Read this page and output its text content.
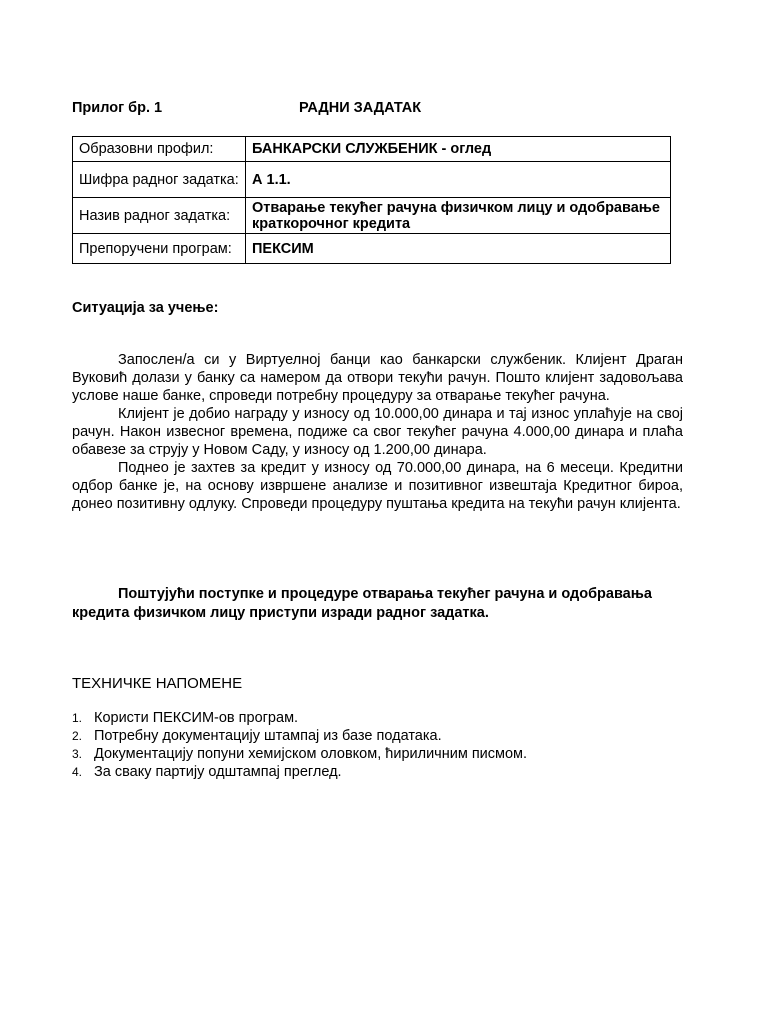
Прилог бр. 1	РАДНИ ЗАДАТАК
Образовни профил:	БАНКАРСКИ СЛУЖБЕНИК - оглед
Шифра радног задатка:	А 1.1.
Назив радног задатка:	Отварање текућег рачуна физичком лицу и одобравање краткорочног кредита
Препоручени програм:	ПЕКСИМ
Ситуација за учење:

Запослен/а си у Виртуелној банци као банкарски службеник. Клијент Драган Вуковић долази у банку са намером да отвори текући рачун. Пошто клијент задовољава услове наше банке, спроведи потребну процедуру за отварање текућег рачуна.

Клијент је добио награду у износу од 10.000,00 динара и тај износ уплаћује на свој рачун. Након извесног времена, подиже са свог текућег рачуна 4.000,00 динара и плаћа обавезе за струју у Новом Саду, у износу од 1.200,00 динара.

Поднео је захтев за кредит у износу од 70.000,00 динара, на 6 месеци. Кредитни одбор банке је, на основу извршене анализе и позитивног извештаја Кредитног бироа, донео позитивну одлуку. Спроведи процедуру пуштања кредита на текући рачун клијента.

Поштујући поступке и процедуре отварања текућег рачуна и одобравања кредита физичком лицу приступи изради радног задатка.
ТЕХНИЧКЕ НАПОМЕНЕ
1. Користи ПЕКСИМ-ов програм.
2. Потребну документацију штампај из базе података.
3. Документацију попуни хемијском оловком, ћириличним писмом.
4. За сваку партију одштампај преглед.
